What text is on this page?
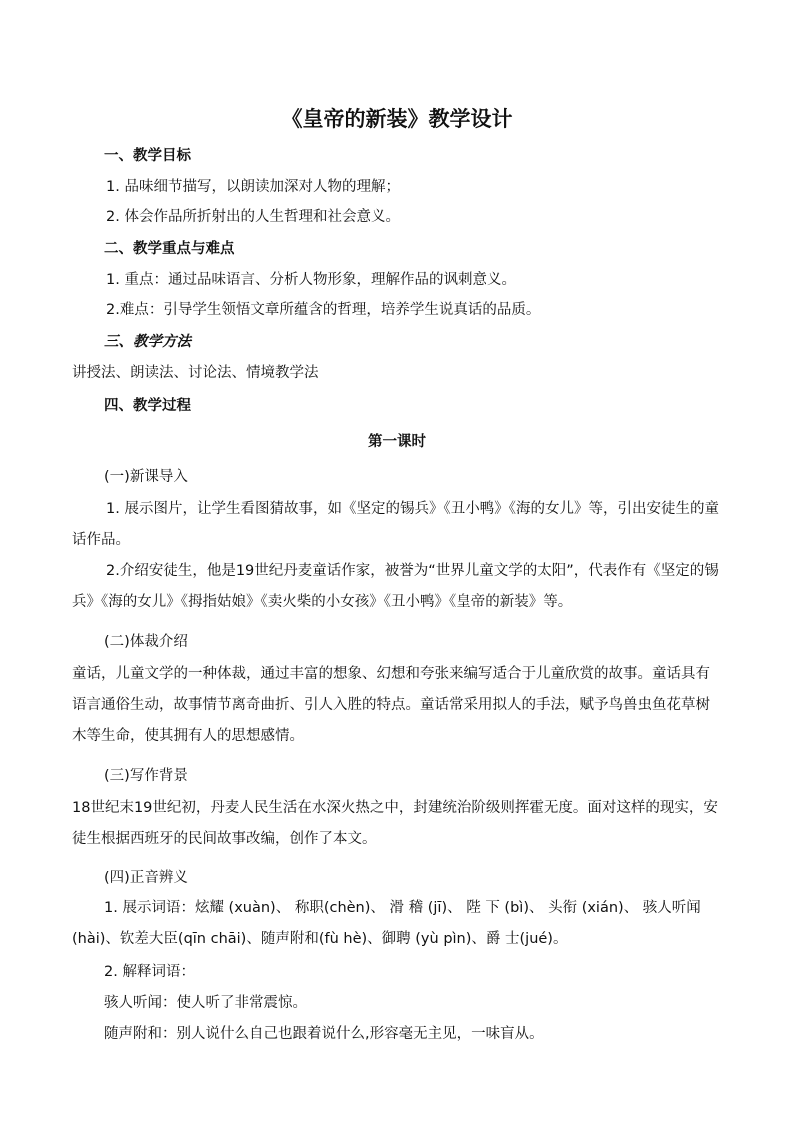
《皇帝的新装》教学设计
一、教学目标
1. 品味细节描写，以朗读加深对人物的理解；
2. 体会作品所折射出的人生哲理和社会意义。
二、教学重点与难点
1. 重点：通过品味语言、分析人物形象，理解作品的讽刺意义。
2.难点：引导学生领悟文章所蕴含的哲理，培养学生说真话的品质。
三、教学方法
讲授法、朗读法、讨论法、情境教学法
四、教学过程
第一课时
(一)新课导入
1. 展示图片，让学生看图猜故事，如《坚定的锡兵》《丑小鸭》《海的女儿》等，引出安徒生的童话作品。
2.介绍安徒生，他是19世纪丹麦童话作家，被誉为“世界儿童文学的太阳”，代表作有《坚定的锡兵》《海的女儿》《拇指姑娘》《卖火柴的小女孩》《丑小鸭》《皇帝的新装》等。
(二)体裁介绍
童话，儿童文学的一种体裁，通过丰富的想象、幻想和夸张来编写适合于儿童欣赏的故事。童话具有语言通俗生动，故事情节离奇曲折、引人入胜的特点。童话常采用拟人的手法，赋予鸟兽虫鱼花草树木等生命，使其拥有人的思想感情。
(三)写作背景
18世纪末19世纪初，丹麦人民生活在水深火热之中，封建统治阶级则挥霍无度。面对这样的现实，安徒生根据西班牙的民间故事改编，创作了本文。
(四)正音辨义
1. 展示词语：炫耀 (xuàn)、 称职(chèn)、 滑 稽 (jī)、 陛 下 (bì)、 头衔 (xián)、 骇人听闻 (hài)、钦差大臣(qīn chāi)、随声附和(fù hè)、御聘 (yù pìn)、爵 士(jué)。
2. 解释词语：
骇人听闻：使人听了非常震惊。
随声附和：别人说什么自己也跟着说什么,形容毫无主见，一味盲从。
